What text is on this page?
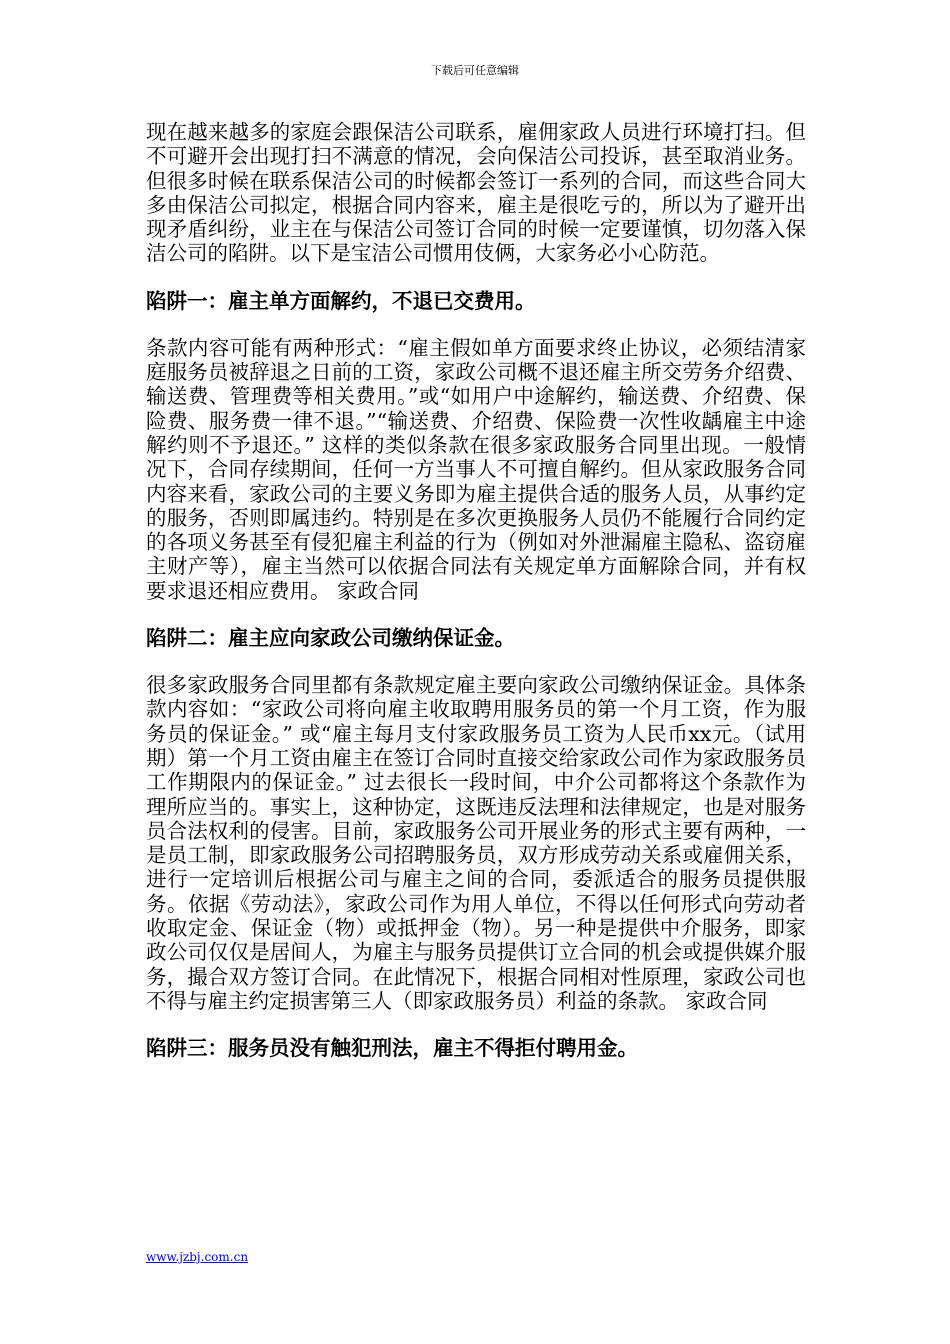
下载后可任意编辑

现在越来越多的家庭会跟保洁公司联系，雇佣家政人员进行环境打扫。但不可避开会出现打扫不满意的情况，会向保洁公司投诉，甚至取消业务。但很多时候在联系保洁公司的时候都会签订一系列的合同，而这些合同大多由保洁公司拟定，根据合同内容来，雇主是很吃亏的，所以为了避开出现矛盾纠纷，业主在与保洁公司签订合同的时候一定要谨慎，切勿落入保洁公司的陷阱。以下是宝洁公司惯用伎俩，大家务必小心防范。

陷阱一：雇主单方面解约，不退已交费用。

条款内容可能有两种形式：“雇主假如单方面要求终止协议，必须结清家庭服务员被辞退之日前的工资，家政公司概不退还雇主所交劳务介绍费、输送费、管理费等相关费用。”或“如用户中途解约，输送费、介绍费、保险费、服务费一律不退。”“输送费、介绍费、保险费一次性收龋雇主中途解约则不予退还。” 这样的类似条款在很多家政服务合同里出现。一般情况下，合同存续期间，任何一方当事人不可擅自解约。但从家政服务合同内容来看，家政公司的主要义务即为雇主提供合适的服务人员，从事约定的服务，否则即属违约。特别是在多次更换服务人员仍不能履行合同约定的各项义务甚至有侵犯雇主利益的行为（例如对外泄漏雇主隐私、盗窃雇主财产等），雇主当然可以依据合同法有关规定单方面解除合同，并有权要求退还相应费用。 家政合同

陷阱二：雇主应向家政公司缴纳保证金。

很多家政服务合同里都有条款规定雇主要向家政公司缴纳保证金。具体条款内容如：“家政公司将向雇主收取聘用服务员的第一个月工资，作为服务员的保证金。” 或“雇主每月支付家政服务员工资为人民币xx元。（试用期）第一个月工资由雇主在签订合同时直接交给家政公司作为家政服务员工作期限内的保证金。” 过去很长一段时间，中介公司都将这个条款作为理所应当的。事实上，这种协定，这既违反法理和法律规定，也是对服务员合法权利的侵害。目前，家政服务公司开展业务的形式主要有两种，一是员工制，即家政服务公司招聘服务员，双方形成劳动关系或雇佣关系，进行一定培训后根据公司与雇主之间的合同，委派适合的服务员提供服务。依据《劳动法》，家政公司作为用人单位，不得以任何形式向劳动者收取定金、保证金（物）或抵押金（物）。另一种是提供中介服务，即家政公司仅仅是居间人，为雇主与服务员提供订立合同的机会或提供媒介服务，撮合双方签订合同。在此情况下，根据合同相对性原理，家政公司也不得与雇主约定损害第三人（即家政服务员）利益的条款。 家政合同

陷阱三：服务员没有触犯刑法，雇主不得拒付聘用金。
www.jzbj.com.cn
